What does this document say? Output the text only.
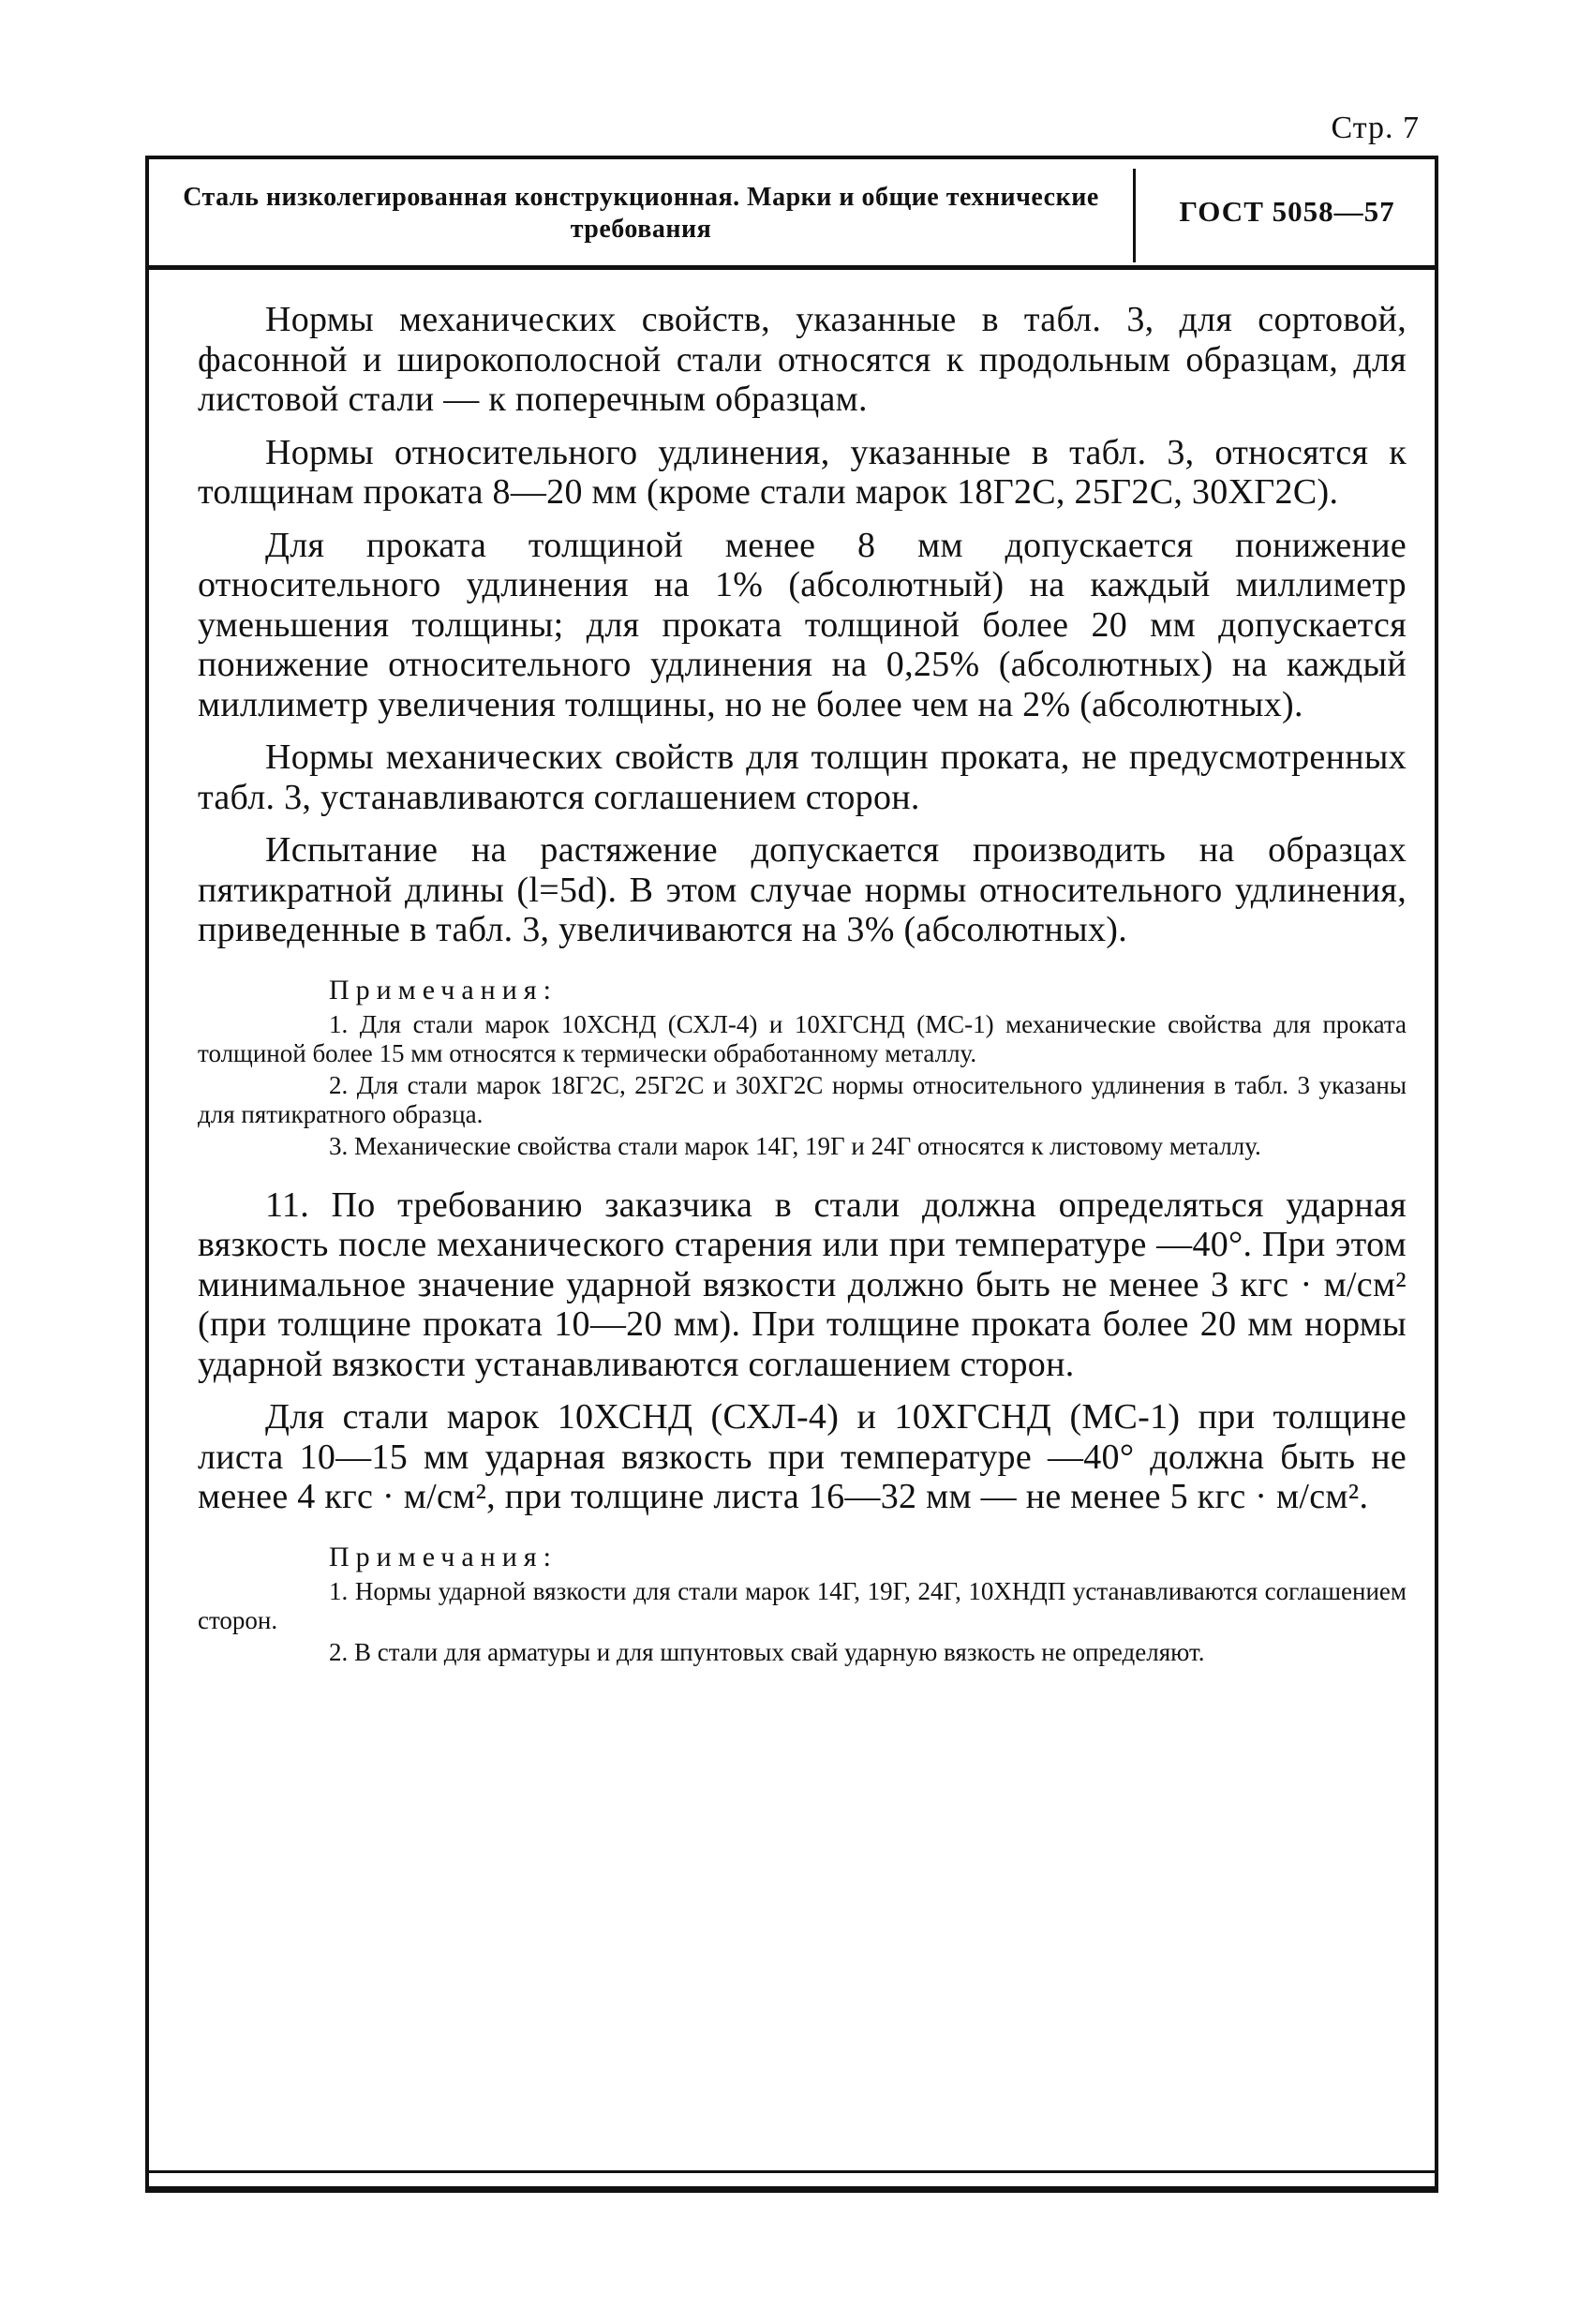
Стр. 7
Сталь низколегированная конструкционная. Марки и общие технические требования
ГОСТ 5058—57

Нормы механических свойств, указанные в табл. 3, для сортовой, фасонной и широкополосной стали относятся к продольным образцам, для листовой стали — к поперечным образцам.

Нормы относительного удлинения, указанные в табл. 3, относятся к толщинам проката 8—20 мм (кроме стали марок 18Г2С, 25Г2С, 30ХГ2С).

Для проката толщиной менее 8 мм допускается понижение относительного удлинения на 1% (абсолютный) на каждый миллиметр уменьшения толщины; для проката толщиной более 20 мм допускается понижение относительного удлинения на 0,25% (абсолютных) на каждый миллиметр увеличения толщины, но не более чем на 2% (абсолютных).

Нормы механических свойств для толщин проката, не предусмотренных табл. 3, устанавливаются соглашением сторон.

Испытание на растяжение допускается производить на образцах пятикратной длины (l=5d). В этом случае нормы относительного удлинения, приведенные в табл. 3, увеличиваются на 3% (абсолютных).

Примечания:

1. Для стали марок 10ХСНД (СХЛ-4) и 10ХГСНД (МС-1) механические свойства для проката толщиной более 15 мм относятся к термически обработанному металлу.

2. Для стали марок 18Г2С, 25Г2С и 30ХГ2С нормы относительного удлинения в табл. 3 указаны для пятикратного образца.

3. Механические свойства стали марок 14Г, 19Г и 24Г относятся к листовому металлу.

11. По требованию заказчика в стали должна определяться ударная вязкость после механического старения или при температуре —40°. При этом минимальное значение ударной вязкости должно быть не менее 3 кгс · м/см² (при толщине проката 10—20 мм). При толщине проката более 20 мм нормы ударной вязкости устанавливаются соглашением сторон.

Для стали марок 10ХСНД (СХЛ-4) и 10ХГСНД (МС-1) при толщине листа 10—15 мм ударная вязкость при температуре —40° должна быть не менее 4 кгс · м/см², при толщине листа 16—32 мм — не менее 5 кгс · м/см².

Примечания:

1. Нормы ударной вязкости для стали марок 14Г, 19Г, 24Г, 10ХНДП устанавливаются соглашением сторон.

2. В стали для арматуры и для шпунтовых свай ударную вязкость не определяют.
